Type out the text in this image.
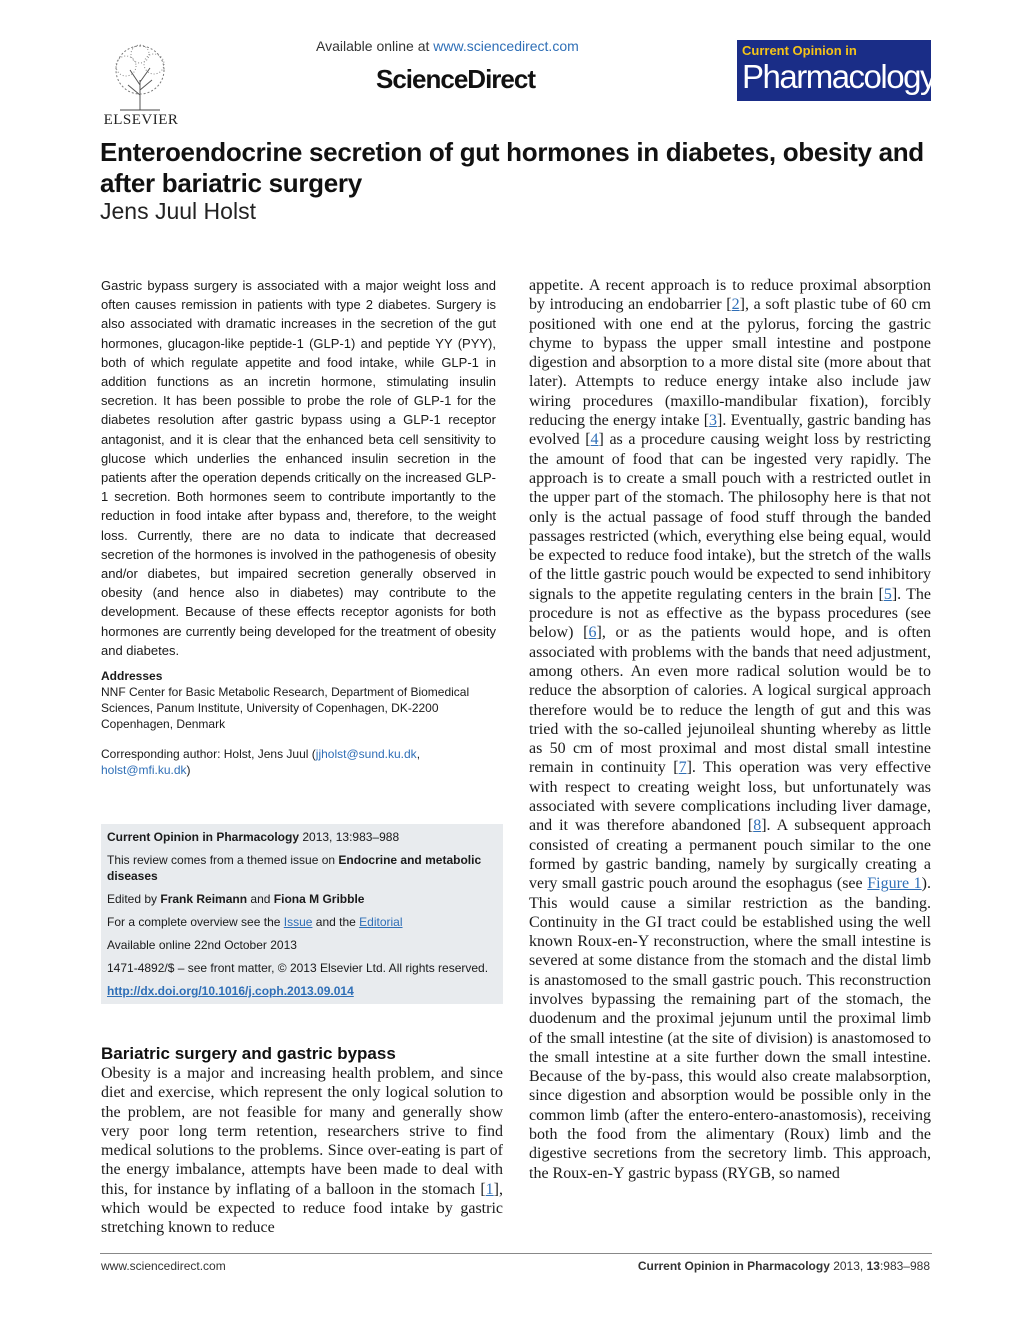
ELSEVIER
Available online at www.sciencedirect.com
ScienceDirect
Current Opinion in
Pharmacology
Enteroendocrine secretion of gut hormones in diabetes, obesity and after bariatric surgery
Jens Juul Holst

Gastric bypass surgery is associated with a major weight loss and often causes remission in patients with type 2 diabetes. Surgery is also associated with dramatic increases in the secretion of the gut hormones, glucagon-like peptide-1 (GLP-1) and peptide YY (PYY), both of which regulate appetite and food intake, while GLP-1 in addition functions as an incretin hormone, stimulating insulin secretion. It has been possible to probe the role of GLP-1 for the diabetes resolution after gastric bypass using a GLP-1 receptor antagonist, and it is clear that the enhanced beta cell sensitivity to glucose which underlies the enhanced insulin secretion in the patients after the operation depends critically on the increased GLP-1 secretion. Both hormones seem to contribute importantly to the reduction in food intake after bypass and, therefore, to the weight loss. Currently, there are no data to indicate that decreased secretion of the hormones is involved in the pathogenesis of obesity and/or diabetes, but impaired secretion generally observed in obesity (and hence also in diabetes) may contribute to the development. Because of these effects receptor agonists for both hormones are currently being developed for the treatment of obesity and diabetes.

Addresses
NNF Center for Basic Metabolic Research, Department of Biomedical Sciences, Panum Institute, University of Copenhagen, DK-2200 Copenhagen, Denmark
Corresponding author: Holst, Jens Juul (jjholst@sund.ku.dk,
holst@mfi.ku.dk)
Current Opinion in Pharmacology 2013, 13:983–988
This review comes from a themed issue on Endocrine and metabolic diseases
Edited by Frank Reimann and Fiona M Gribble
For a complete overview see the Issue and the Editorial
Available online 22nd October 2013
1471-4892/$ – see front matter, © 2013 Elsevier Ltd. All rights reserved.
http://dx.doi.org/10.1016/j.coph.2013.09.014
Bariatric surgery and gastric bypass

Obesity is a major and increasing health problem, and since diet and exercise, which represent the only logical solution to the problem, are not feasible for many and generally show very poor long term retention, researchers strive to find medical solutions to the problems. Since over-eating is part of the energy imbalance, attempts have been made to deal with this, for instance by inflating of a balloon in the stomach [1], which would be expected to reduce food intake by gastric stretching known to reduce

appetite. A recent approach is to reduce proximal absorption by introducing an endobarrier [2], a soft plastic tube of 60 cm positioned with one end at the pylorus, forcing the gastric chyme to bypass the upper small intestine and postpone digestion and absorption to a more distal site (more about that later). Attempts to reduce energy intake also include jaw wiring procedures (maxillo-mandibular fixation), forcibly reducing the energy intake [3]. Eventually, gastric banding has evolved [4] as a procedure causing weight loss by restricting the amount of food that can be ingested very rapidly. The approach is to create a small pouch with a restricted outlet in the upper part of the stomach. The philosophy here is that not only is the actual passage of food stuff through the banded passages restricted (which, everything else being equal, would be expected to reduce food intake), but the stretch of the walls of the little gastric pouch would be expected to send inhibitory signals to the appetite regulating centers in the brain [5]. The procedure is not as effective as the bypass procedures (see below) [6], or as the patients would hope, and is often associated with problems with the bands that need adjustment, among others. An even more radical solution would be to reduce the absorption of calories. A logical surgical approach therefore would be to reduce the length of gut and this was tried with the so-called jejunoileal shunting whereby as little as 50 cm of most proximal and most distal small intestine remain in continuity [7]. This operation was very effective with respect to creating weight loss, but unfortunately was associated with severe complications including liver damage, and it was therefore abandoned [8]. A subsequent approach consisted of creating a permanent pouch similar to the one formed by gastric banding, namely by surgically creating a very small gastric pouch around the esophagus (see Figure 1). This would cause a similar restriction as the banding. Continuity in the GI tract could be established using the well known Roux-en-Y reconstruction, where the small intestine is severed at some distance from the stomach and the distal limb is anastomosed to the small gastric pouch. This reconstruction involves bypassing the remaining part of the stomach, the duodenum and the proximal jejunum until the proximal limb of the small intestine (at the site of division) is anastomosed to the small intestine at a site further down the small intestine. Because of the by-pass, this would also create malabsorption, since digestion and absorption would be possible only in the common limb (after the entero-entero-anastomosis), receiving both the food from the alimentary (Roux) limb and the digestive secretions from the secretory limb. This approach, the Roux-en-Y gastric bypass (RYGB, so named

www.sciencedirect.com	Current Opinion in Pharmacology 2013, 13:983–988
